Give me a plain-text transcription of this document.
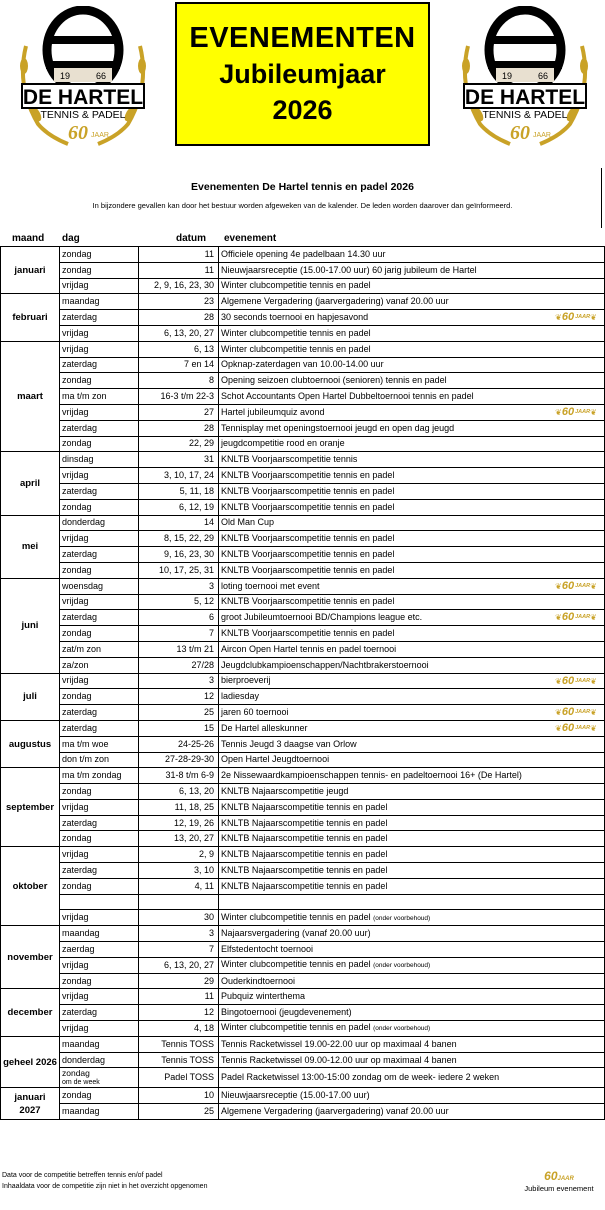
19	66
DE HARTEL
TENNIS & PADEL
60 JAAR
EVENEMENTEN
Jubileumjaar
2026
19	66
DE HARTEL
TENNIS & PADEL
60 JAAR
Evenementen De Hartel tennis en padel 2026
In bijzondere gevallen kan door het bestuur worden afgeweken van de kalender. De leden worden daarover dan geïnformeerd.
maand dag	datum evenement
januari	zondag	11	Officiele opening 4e padelbaan 14.30 uur
	zondag	11	Nieuwjaarsreceptie (15.00-17.00 uur) 60 jarig jubileum de Hartel
	vrijdag	2, 9, 16, 23, 30	Winter clubcompetitie tennis en padel
februari	maandag	23	Algemene Vergadering (jaarvergadering) vanaf 20.00 uur
	zaterdag	28	30 seconds toernooi en hapjesavond ❦ 60 JAAR ❦

	vrijdag	6, 13, 20, 27	Winter clubcompetitie tennis en padel
maart	vrijdag	6, 13	Winter clubcompetitie tennis en padel
	zaterdag	7 en 14	Opknap-zaterdagen van 10.00-14.00 uur
	zondag	8	Opening seizoen clubtoernooi (senioren) tennis en padel
	ma t/m zon	16-3 t/m 22-3	Schot Accountants Open Hartel Dubbeltoernooi tennis en padel
	vrijdag	27	Hartel jubileumquiz avond ❦ 60 JAAR ❦

	zaterdag	28	Tennisplay met openingstoernooi jeugd en open dag jeugd
	zondag	22, 29	jeugdcompetitie rood en oranje
april	dinsdag	31	KNLTB Voorjaarscompetitie tennis
	vrijdag	3, 10, 17, 24	KNLTB Voorjaarscompetitie tennis en padel
	zaterdag	5, 11, 18	KNLTB Voorjaarscompetitie tennis en padel
	zondag	6, 12, 19	KNLTB Voorjaarscompetitie tennis en padel
mei	donderdag	14	Old Man Cup
	vrijdag	8, 15, 22, 29	KNLTB Voorjaarscompetitie tennis en padel
	zaterdag	9, 16, 23, 30	KNLTB Voorjaarscompetitie tennis en padel
	zondag	10, 17, 25, 31	KNLTB Voorjaarscompetitie tennis en padel
juni	woensdag	3	loting toernooi met event ❦ 60 JAAR ❦

	vrijdag	5, 12	KNLTB Voorjaarscompetitie tennis en padel
	zaterdag	6	groot Jubileumtoernooi BD/Champions league etc. ❦ 60 JAAR ❦

	zondag	7	KNLTB Voorjaarscompetitie tennis en padel
	zat/m zon	13 t/m 21	Aircon Open Hartel tennis en padel toernooi
	za/zon	27/28	Jeugdclubkampioenschappen/Nachtbrakerstoernooi
juli	vrijdag	3	bierproeverij ❦ 60 JAAR ❦

	zondag	12	ladiesday
	zaterdag	25	jaren 60 toernooi ❦ 60 JAAR ❦

augustus	zaterdag	15	De Hartel alleskunner ❦ 60 JAAR ❦

	ma t/m woe	24-25-26	Tennis Jeugd 3 daagse van Orlow
	don t/m zon	27-28-29-30	Open Hartel Jeugdtoernooi
september	ma t/m zondag	31-8 t/m 6-9	2e Nissewaardkampioenschappen tennis- en padeltoernooi 16+ (De Hartel)
	zondag	6, 13, 20	KNLTB Najaarscompetitie jeugd
	vrijdag	11, 18, 25	KNLTB Najaarscompetitie tennis en padel
	zaterdag	12, 19, 26	KNLTB Najaarscompetitie tennis en padel
	zondag	13, 20, 27	KNLTB Najaarscompetitie tennis en padel
oktober	vrijdag	2, 9	KNLTB Najaarscompetitie tennis en padel
	zaterdag	3, 10	KNLTB Najaarscompetitie tennis en padel
	zondag	4, 11	KNLTB Najaarscompetitie tennis en padel

	vrijdag	30	Winter clubcompetitie tennis en padel (onder voorbehoud)
november	maandag	3	Najaarsvergadering (vanaf 20.00 uur)
	zaerdag	7	Elfstedentocht toernooi
	vrijdag	6, 13, 20, 27	Winter clubcompetitie tennis en padel (onder voorbehoud)
	zondag	29	Ouderkindtoernooi
december	vrijdag	11	Pubquiz winterthema
	zaterdag	12	Bingotoernooi (jeugdevenement)
	vrijdag	4, 18	Winter clubcompetitie tennis en padel (onder voorbehoud)
geheel 2026	maandag	Tennis TOSS	Tennis Racketwissel 19.00-22.00 uur op maximaal 4 banen
	donderdag	Tennis TOSS	Tennis Racketwissel 09.00-12.00 uur op maximaal 4 banen
	zondag
om de week	Padel TOSS	Padel Racketwissel 13:00-15:00 zondag om de week- iedere 2 weken
januari 2027	zondag	10	Nieuwjaarsreceptie (15.00-17.00 uur)
	maandag	25	Algemene Vergadering (jaarvergadering) vanaf 20.00 uur
Data voor de competitie betreffen tennis en/of padel
Inhaaldata voor de competitie zijn niet in het overzicht opgenomen
60JAAR
Jubileum evenement
